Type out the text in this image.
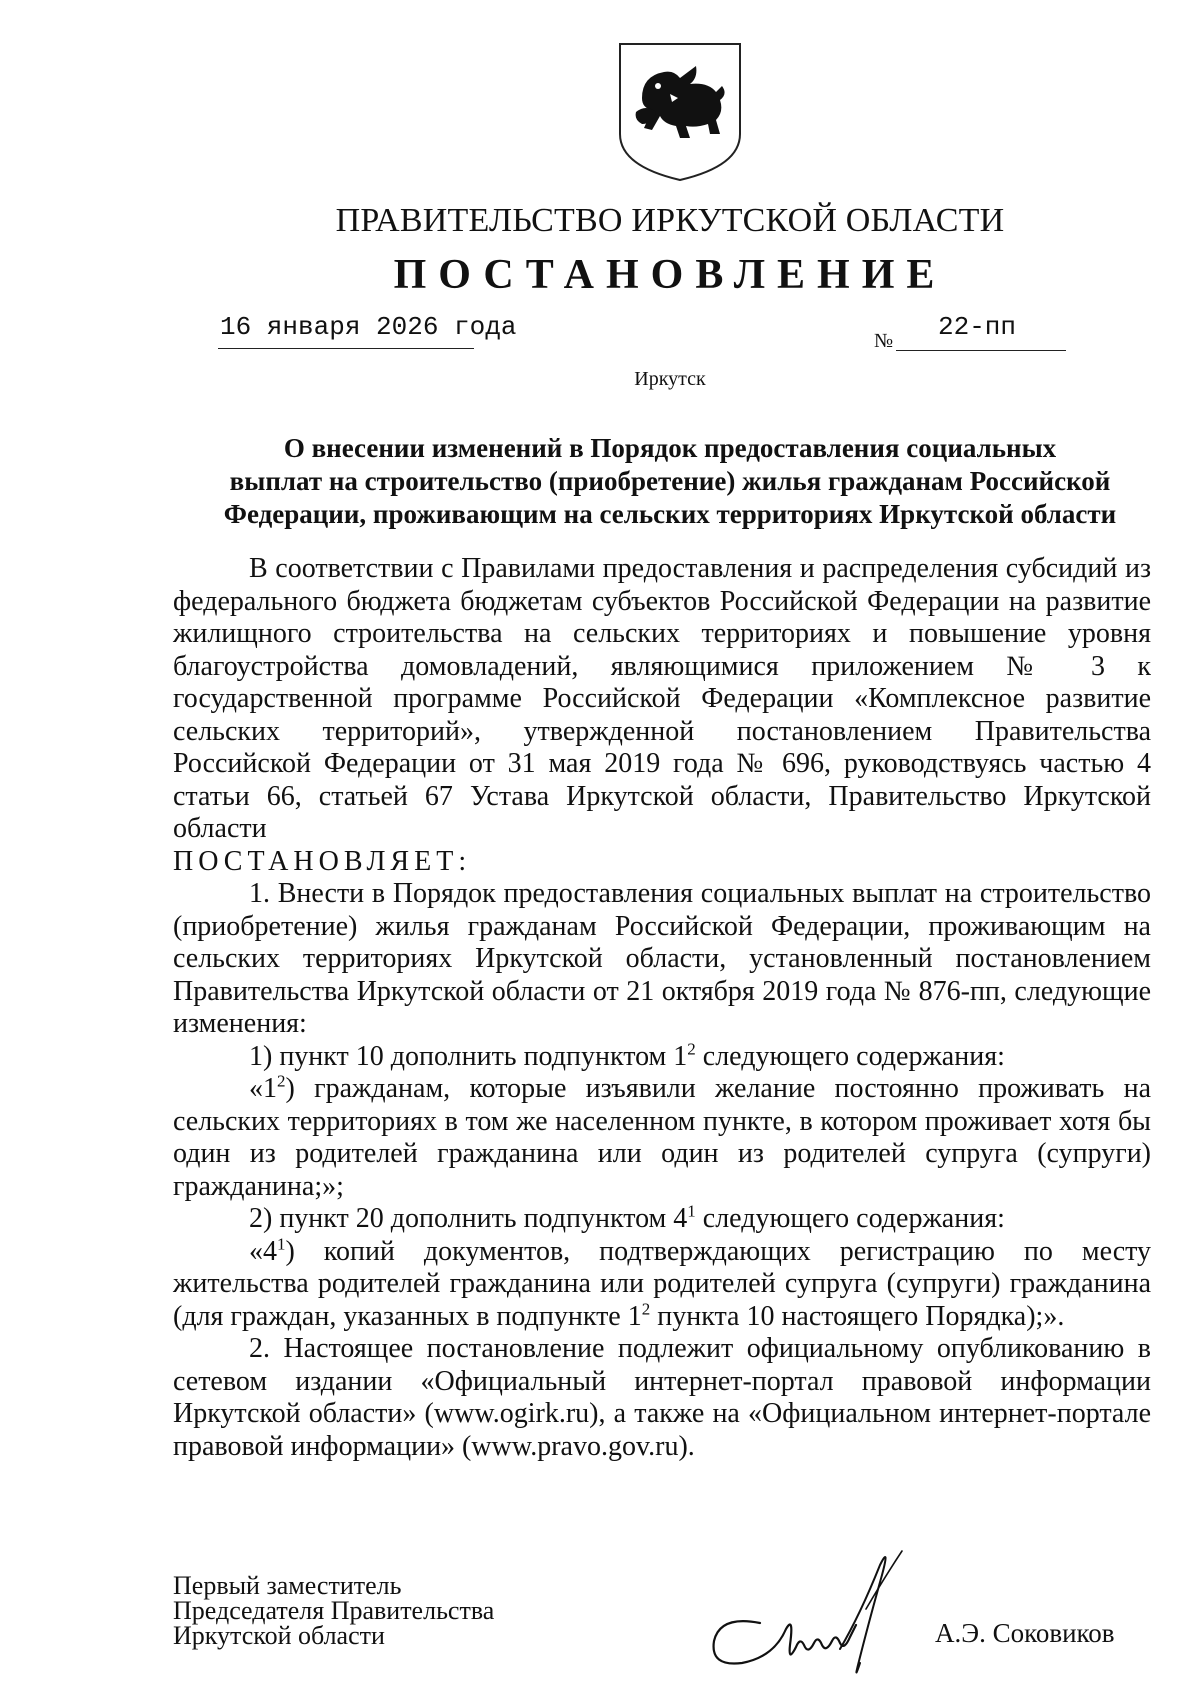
ПРАВИТЕЛЬСТВО ИРКУТСКОЙ ОБЛАСТИ
ПОСТАНОВЛЕНИЕ
16 января 2026 года	№ 22-пп
Иркутск
О внесении изменений в Порядок предоставления социальных
выплат на строительство (приобретение) жилья гражданам Российской
Федерации, проживающим на сельских территориях Иркутской области

В соответствии с Правилами предоставления и распределения субсидий из федерального бюджета бюджетам субъектов Российской Федерации на развитие жилищного строительства на сельских территориях и повышение уровня благоустройства домовладений, являющимися приложением № 3 к государственной программе Российской Федерации «Комплексное развитие сельских территорий», утвержденной постановлением Правительства Российской Федерации от 31 мая 2019 года № 696, руководствуясь частью 4 статьи 66, статьей 67 Устава Иркутской области, Правительство Иркутской области

ПОСТАНОВЛЯЕТ:

1. Внести в Порядок предоставления социальных выплат на строительство (приобретение) жилья гражданам Российской Федерации, проживающим на сельских территориях Иркутской области, установленный постановлением Правительства Иркутской области от 21 октября 2019 года № 876-пп, следующие изменения:

1) пункт 10 дополнить подпунктом $1^2$ следующего содержания:

«$1^2$) гражданам, которые изъявили желание постоянно проживать на сельских территориях в том же населенном пункте, в котором проживает хотя бы один из родителей гражданина или один из родителей супруга (супруги) гражданина;»;

2) пункт 20 дополнить подпунктом $4^1$ следующего содержания:

«$4^1$) копий документов, подтверждающих регистрацию по месту жительства родителей гражданина или родителей супруга (супруги) гражданина (для граждан, указанных в подпункте $1^2$ пункта 10 настоящего Порядка);».

2. Настоящее постановление подлежит официальному опубликованию в сетевом издании «Официальный интернет-портал правовой информации Иркутской области» (www.ogirk.ru), а также на «Официальном интернет-портале правовой информации» (www.pravo.gov.ru).

Первый заместитель
Председателя Правительства
Иркутской области	А.Э. Соковиков
